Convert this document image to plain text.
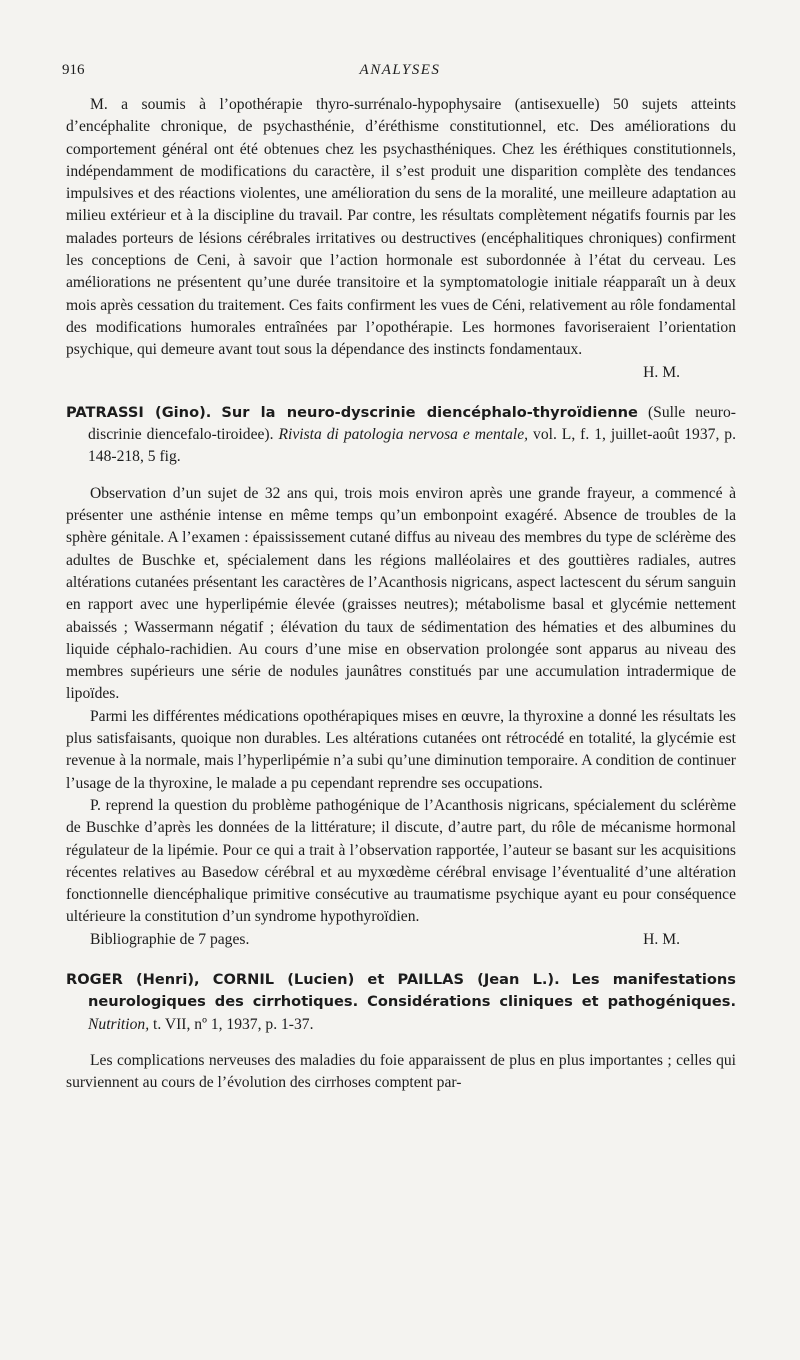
916	ANALYSES

M. a soumis à l’opothérapie thyro-surrénalo-hypophysaire (antisexuelle) 50 sujets atteints d’encéphalite chronique, de psychasthénie, d’éréthisme constitutionnel, etc. Des améliorations du comportement général ont été obtenues chez les psychasthéniques. Chez les éréthiques constitutionnels, indépendamment de modifications du caractère, il s’est produit une disparition complète des tendances impulsives et des réactions violentes, une amélioration du sens de la moralité, une meilleure adaptation au milieu extérieur et à la discipline du travail. Par contre, les résultats complètement négatifs fournis par les malades porteurs de lésions cérébrales irritatives ou destructives (encéphalitiques chroniques) confirment les conceptions de Ceni, à savoir que l’action hormonale est subordonnée à l’état du cerveau. Les améliorations ne présentent qu’une durée transitoire et la symptomatologie initiale réapparaît un à deux mois après cessation du traitement. Ces faits confirment les vues de Céni, relativement au rôle fondamental des modifications humorales entraînées par l’opothérapie. Les hormones favoriseraient l’orientation psychique, qui demeure avant tout sous la dépendance des instincts fondamentaux.

H. M.

PATRASSI (Gino). Sur la neuro-dyscrinie diencéphalo-thyroïdienne (Sulle neuro-discrinie diencefalo-tiroidee). Rivista di patologia nervosa e mentale, vol. L, f. 1, juillet-août 1937, p. 148-218, 5 fig.

Observation d’un sujet de 32 ans qui, trois mois environ après une grande frayeur, a commencé à présenter une asthénie intense en même temps qu’un embonpoint exagéré. Absence de troubles de la sphère génitale. A l’examen : épaississement cutané diffus au niveau des membres du type de sclérème des adultes de Buschke et, spécialement dans les régions malléolaires et des gouttières radiales, autres altérations cutanées présentant les caractères de l’Acanthosis nigricans, aspect lactescent du sérum sanguin en rapport avec une hyperlipémie élevée (graisses neutres); métabolisme basal et glycémie nettement abaissés ; Wassermann négatif ; élévation du taux de sédimentation des hématies et des albumines du liquide céphalo-rachidien. Au cours d’une mise en observation prolongée sont apparus au niveau des membres supérieurs une série de nodules jaunâtres constitués par une accumulation intradermique de lipoïdes.

Parmi les différentes médications opothérapiques mises en œuvre, la thyroxine a donné les résultats les plus satisfaisants, quoique non durables. Les altérations cutanées ont rétrocédé en totalité, la glycémie est revenue à la normale, mais l’hyperlipémie n’a subi qu’une diminution temporaire. A condition de continuer l’usage de la thyroxine, le malade a pu cependant reprendre ses occupations.

P. reprend la question du problème pathogénique de l’Acanthosis nigricans, spécialement du sclérème de Buschke d’après les données de la littérature; il discute, d’autre part, du rôle de mécanisme hormonal régulateur de la lipémie. Pour ce qui a trait à l’observation rapportée, l’auteur se basant sur les acquisitions récentes relatives au Basedow cérébral et au myxœdème cérébral envisage l’éventualité d’une altération fonctionnelle diencéphalique primitive consécutive au traumatisme psychique ayant eu pour conséquence ultérieure la constitution d’un syndrome hypothyroïdien.

Bibliographie de 7 pages.	H. M.

ROGER (Henri), CORNIL (Lucien) et PAILLAS (Jean L.). Les manifestations neurologiques des cirrhotiques. Considérations cliniques et pathogéniques. Nutrition, t. VII, nº 1, 1937, p. 1-37.

Les complications nerveuses des maladies du foie apparaissent de plus en plus importantes ; celles qui surviennent au cours de l’évolution des cirrhoses comptent par-
